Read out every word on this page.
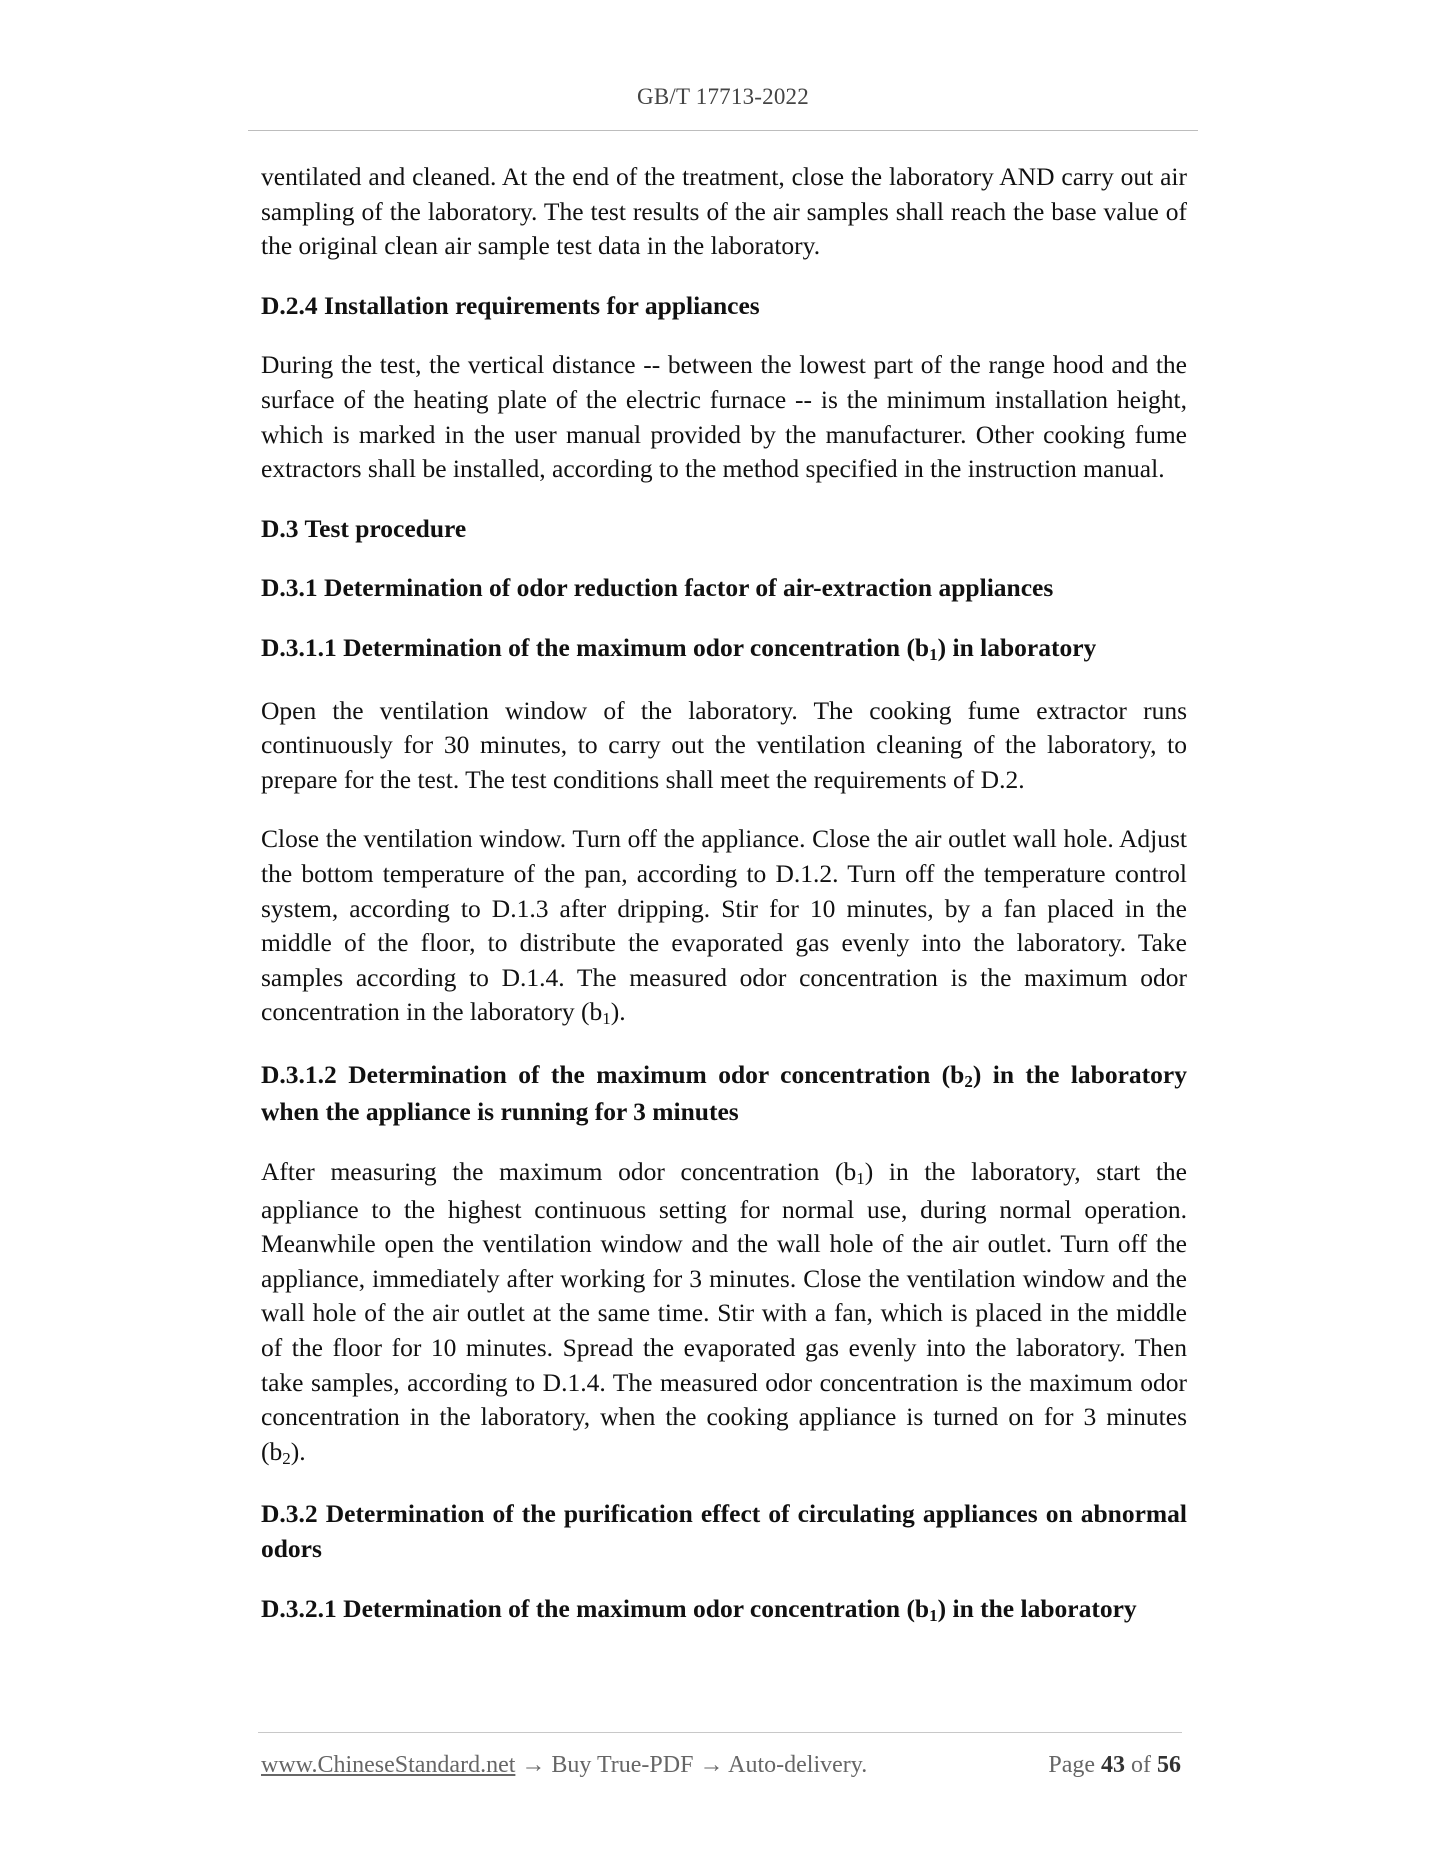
GB/T 17713-2022

ventilated and cleaned. At the end of the treatment, close the laboratory AND carry out air sampling of the laboratory. The test results of the air samples shall reach the base value of the original clean air sample test data in the laboratory.

D.2.4 Installation requirements for appliances

During the test, the vertical distance -- between the lowest part of the range hood and the surface of the heating plate of the electric furnace -- is the minimum installation height, which is marked in the user manual provided by the manufacturer. Other cooking fume extractors shall be installed, according to the method specified in the instruction manual.

D.3 Test procedure

D.3.1 Determination of odor reduction factor of air-extraction appliances

D.3.1.1 Determination of the maximum odor concentration (b1) in laboratory

Open the ventilation window of the laboratory. The cooking fume extractor runs continuously for 30 minutes, to carry out the ventilation cleaning of the laboratory, to prepare for the test. The test conditions shall meet the requirements of D.2.

Close the ventilation window. Turn off the appliance. Close the air outlet wall hole. Adjust the bottom temperature of the pan, according to D.1.2. Turn off the temperature control system, according to D.1.3 after dripping. Stir for 10 minutes, by a fan placed in the middle of the floor, to distribute the evaporated gas evenly into the laboratory. Take samples according to D.1.4. The measured odor concentration is the maximum odor concentration in the laboratory (b1).

D.3.1.2 Determination of the maximum odor concentration (b2) in the laboratory when the appliance is running for 3 minutes

After measuring the maximum odor concentration (b1) in the laboratory, start the appliance to the highest continuous setting for normal use, during normal operation. Meanwhile open the ventilation window and the wall hole of the air outlet. Turn off the appliance, immediately after working for 3 minutes. Close the ventilation window and the wall hole of the air outlet at the same time. Stir with a fan, which is placed in the middle of the floor for 10 minutes. Spread the evaporated gas evenly into the laboratory. Then take samples, according to D.1.4. The measured odor concentration is the maximum odor concentration in the laboratory, when the cooking appliance is turned on for 3 minutes (b2).

D.3.2 Determination of the purification effect of circulating appliances on abnormal odors

D.3.2.1 Determination of the maximum odor concentration (b1) in the laboratory

www.ChineseStandard.net → Buy True-PDF → Auto-delivery.	Page 43 of 56
